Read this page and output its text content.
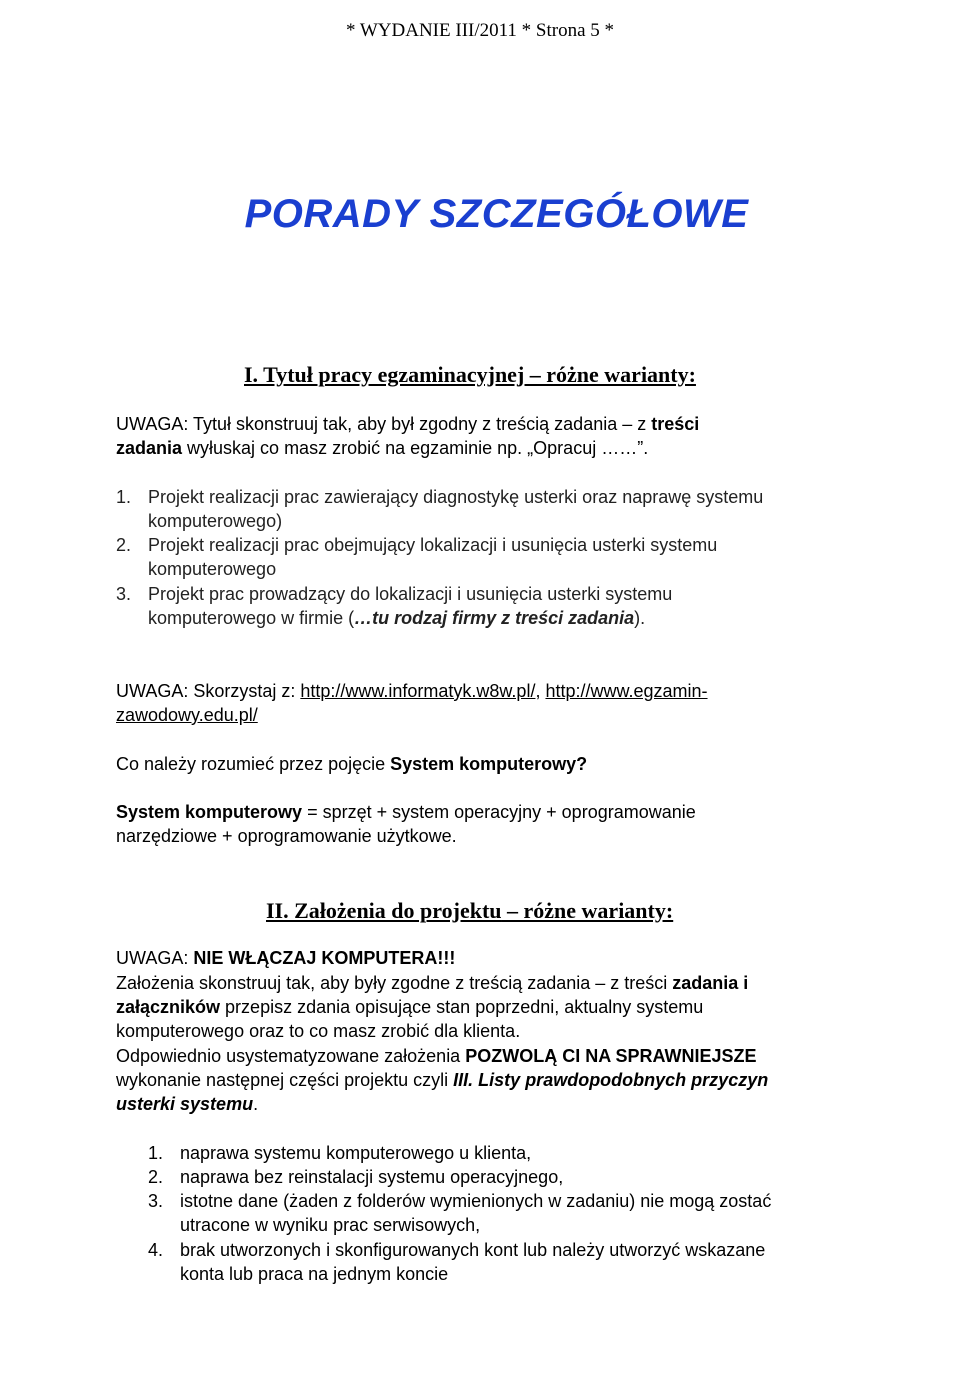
* WYDANIE III/2011 * Strona 5 *
PORADY SZCZEGÓŁOWE
I. Tytuł pracy egzaminacyjnej – różne warianty:
UWAGA: Tytuł skonstruuj tak, aby był zgodny z treścią zadania – z treści
zadania wyłuskaj co masz zrobić na egzaminie np. „Opracuj ……”.
1. Projekt realizacji prac zawierający diagnostykę usterki oraz naprawę systemu
komputerowego)
2. Projekt realizacji prac obejmujący lokalizacji i usunięcia usterki systemu
komputerowego
3. Projekt prac prowadzący do lokalizacji i usunięcia usterki systemu
komputerowego w firmie (…tu rodzaj firmy z treści zadania).
UWAGA: Skorzystaj z: http://www.informatyk.w8w.pl/, http://www.egzamin-
zawodowy.edu.pl/
Co należy rozumieć przez pojęcie System komputerowy?
System komputerowy = sprzęt + system operacyjny + oprogramowanie
narzędziowe + oprogramowanie użytkowe.
II. Założenia do projektu – różne warianty:
UWAGA: NIE WŁĄCZAJ KOMPUTERA!!!
Założenia skonstruuj tak, aby były zgodne z treścią zadania – z treści zadania i
załączników przepisz zdania opisujące stan poprzedni, aktualny systemu
komputerowego oraz to co masz zrobić dla klienta.
Odpowiednio usystematyzowane założenia POZWOLĄ CI NA SPRAWNIEJSZE
wykonanie następnej części projektu czyli III. Listy prawdopodobnych przyczyn
usterki systemu.
1. naprawa systemu komputerowego u klienta,
2. naprawa bez reinstalacji systemu operacyjnego,
3. istotne dane (żaden z folderów wymienionych w zadaniu) nie mogą zostać
utracone w wyniku prac serwisowych,
4. brak utworzonych i skonfigurowanych kont lub należy utworzyć wskazane
konta lub praca na jednym koncie
